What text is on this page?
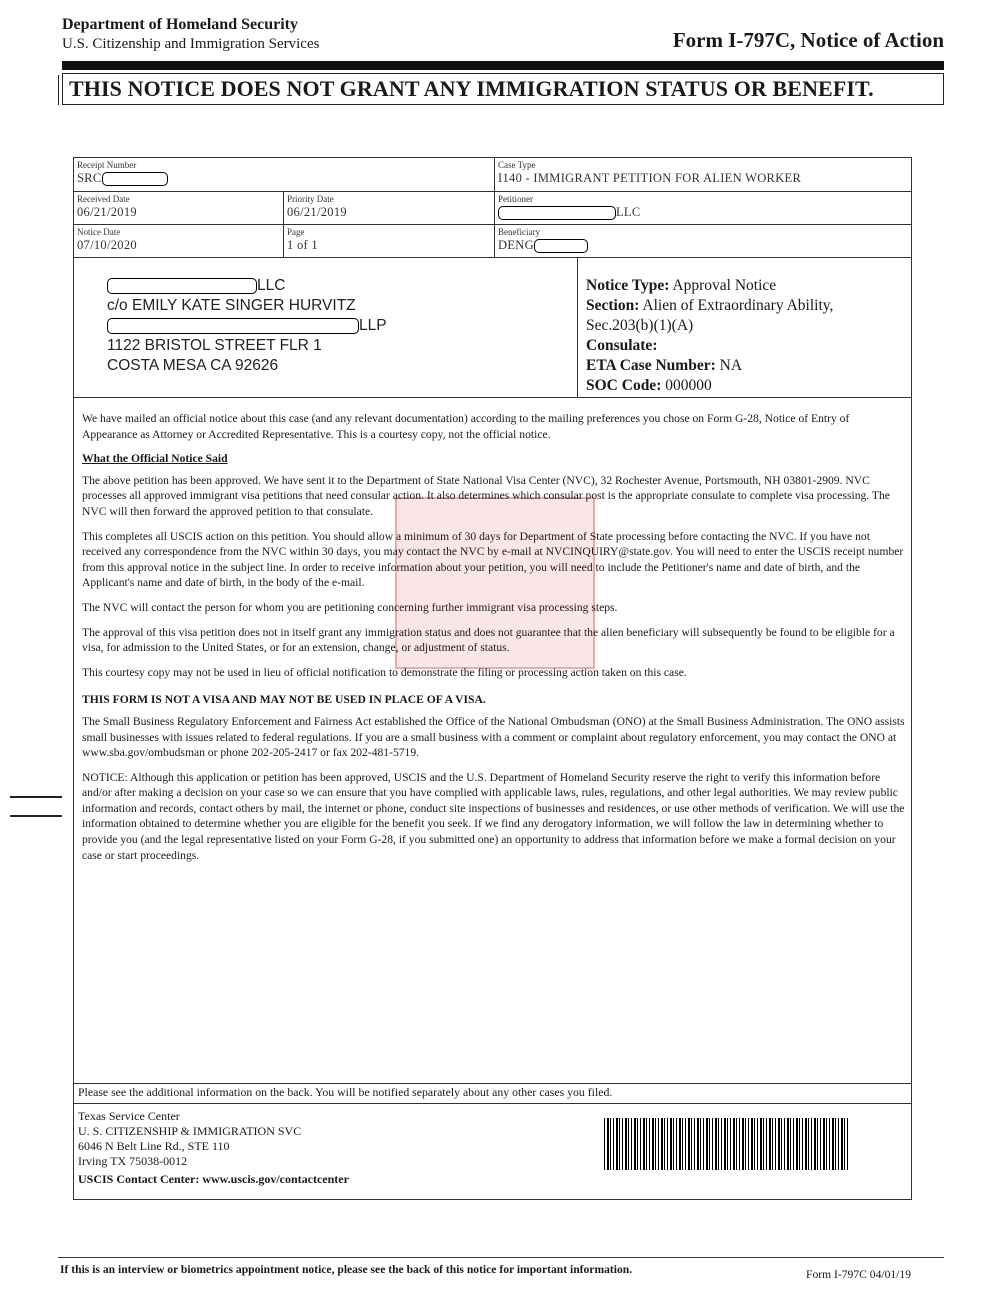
Department of Homeland Security
U.S. Citizenship and Immigration Services	Form I-797C, Notice of Action
THIS NOTICE DOES NOT GRANT ANY IMMIGRATION STATUS OR BENEFIT.
Receipt Number
SRC
Case Type
I140 - IMMIGRANT PETITION FOR ALIEN WORKER
Received Date
06/21/2019
Priority Date
06/21/2019
Petitioner
LLC
Notice Date
07/10/2020
Page
1 of 1
Beneficiary
DENG
LLC
c/o EMILY KATE SINGER HURVITZ
LLP
1122 BRISTOL STREET FLR 1
COSTA MESA CA 92626
Notice Type: Approval Notice
Section: Alien of Extraordinary Ability,
Sec.203(b)(1)(A)
Consulate:
ETA Case Number: NA
SOC Code: 000000

We have mailed an official notice about this case (and any relevant documentation) according to the mailing preferences you chose on Form G-28, Notice of Entry of Appearance as Attorney or Accredited Representative. This is a courtesy copy, not the official notice.

What the Official Notice Said

The above petition has been approved. We have sent it to the Department of State National Visa Center (NVC), 32 Rochester Avenue, Portsmouth, NH 03801-2909. NVC processes all approved immigrant visa petitions that need consular action. It also determines which consular post is the appropriate consulate to complete visa processing. The NVC will then forward the approved petition to that consulate.

This completes all USCIS action on this petition. You should allow a minimum of 30 days for Department of State processing before contacting the NVC. If you have not received any correspondence from the NVC within 30 days, you may contact the NVC by e-mail at NVCINQUIRY@state.gov. You will need to enter the USCIS receipt number from this approval notice in the subject line. In order to receive information about your petition, you will need to include the Petitioner's name and date of birth, and the Applicant's name and date of birth, in the body of the e-mail.

The NVC will contact the person for whom you are petitioning concerning further immigrant visa processing steps.

The approval of this visa petition does not in itself grant any immigration status and does not guarantee that the alien beneficiary will subsequently be found to be eligible for a visa, for admission to the United States, or for an extension, change, or adjustment of status.

This courtesy copy may not be used in lieu of official notification to demonstrate the filing or processing action taken on this case.

THIS FORM IS NOT A VISA AND MAY NOT BE USED IN PLACE OF A VISA.

The Small Business Regulatory Enforcement and Fairness Act established the Office of the National Ombudsman (ONO) at the Small Business Administration. The ONO assists small businesses with issues related to federal regulations. If you are a small business with a comment or complaint about regulatory enforcement, you may contact the ONO at www.sba.gov/ombudsman or phone 202-205-2417 or fax 202-481-5719.

NOTICE: Although this application or petition has been approved, USCIS and the U.S. Department of Homeland Security reserve the right to verify this information before and/or after making a decision on your case so we can ensure that you have complied with applicable laws, rules, regulations, and other legal authorities. We may review public information and records, contact others by mail, the internet or phone, conduct site inspections of businesses and residences, or use other methods of verification. We will use the information obtained to determine whether you are eligible for the benefit you seek. If we find any derogatory information, we will follow the law in determining whether to provide you (and the legal representative listed on your Form G-28, if you submitted one) an opportunity to address that information before we make a formal decision on your case or start proceedings.

Please see the additional information on the back. You will be notified separately about any other cases you filed.
Texas Service Center
U. S. CITIZENSHIP & IMMIGRATION SVC
6046 N Belt Line Rd., STE 110
Irving TX 75038-0012
USCIS Contact Center: www.uscis.gov/contactcenter
If this is an interview or biometrics appointment notice, please see the back of this notice for important information.	Form I-797C 04/01/19
